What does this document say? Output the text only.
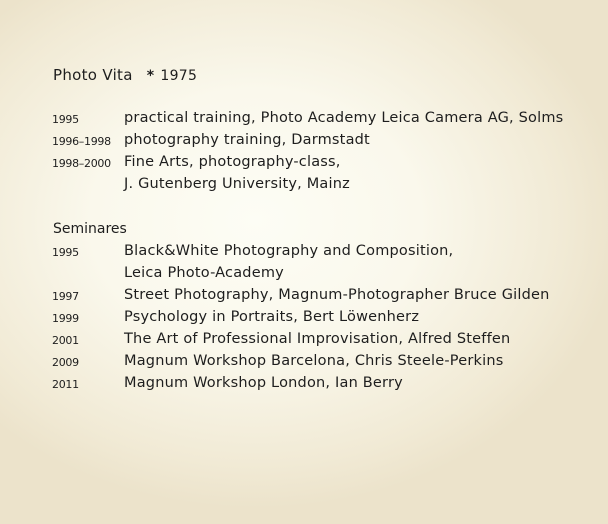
Photo Vita * 1975
1995	practical training, Photo Academy Leica Camera AG, Solms
1996–1998 photography training, Darmstadt
1998–2000 Fine Arts, photography-class,
J. Gutenberg University, Mainz
Seminares
1995	Black&White Photography and Composition,
Leica Photo-Academy
1997	Street Photography, Magnum-Photographer Bruce Gilden
1999	Psychology in Portraits, Bert Löwenherz
2001	The Art of Professional Improvisation, Alfred Steffen
2009	Magnum Workshop Barcelona, Chris Steele-Perkins
2011	Magnum Workshop London, Ian Berry
